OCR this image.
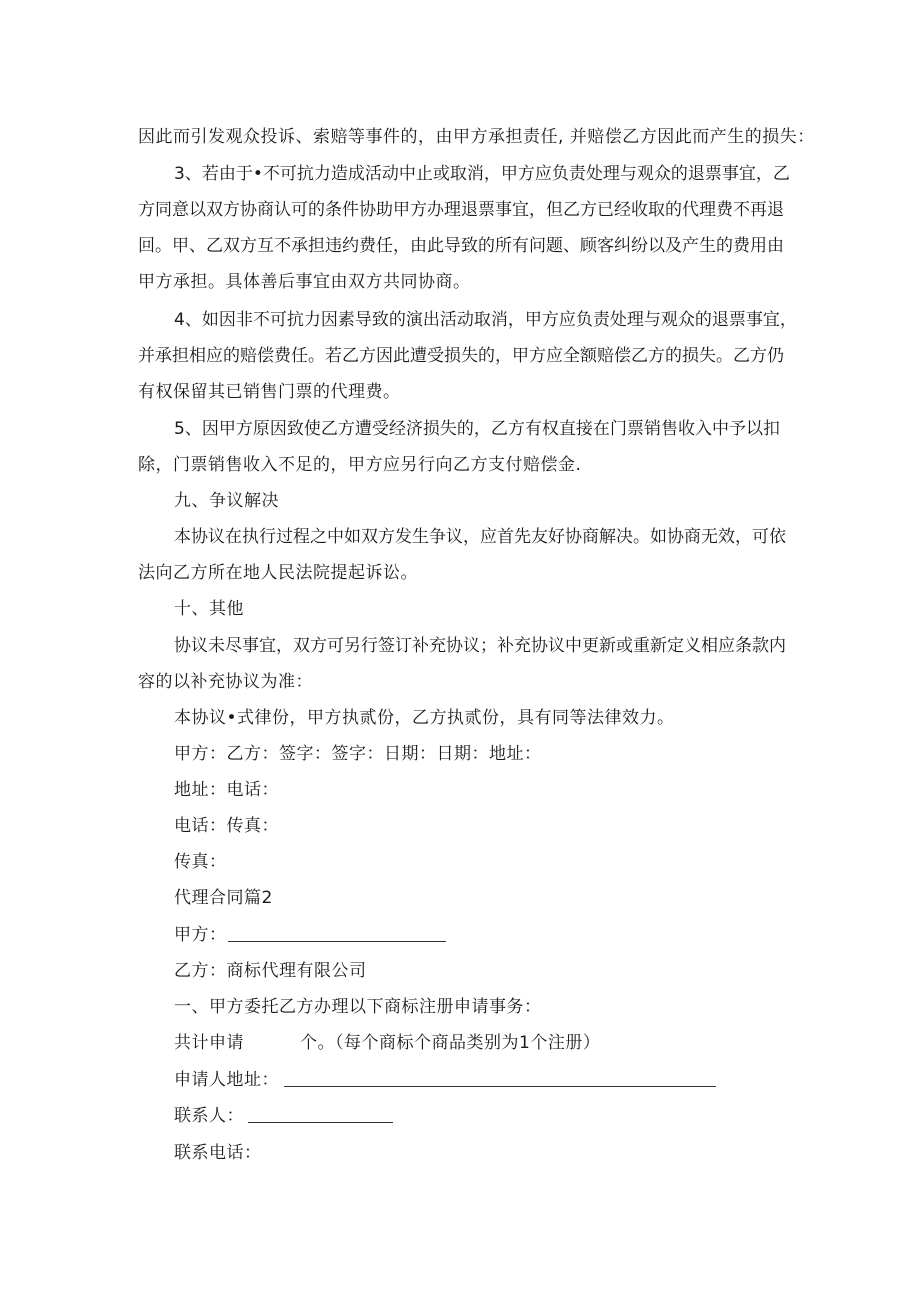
因此而引发观众投诉、索赔等事件的，由甲方承担责任, 并赔偿乙方因此而产生的损失：
3、若由于•不可抗力造成活动中止或取消，甲方应负责处理与观众的退票事宜，乙
方同意以双方协商认可的条件协助甲方办理退票事宜，但乙方已经收取的代理费不再退
回。甲、乙双方互不承担违约费任，由此导致的所有问题、顾客纠纷以及产生的费用由
甲方承担。具体善后事宜由双方共同协商。
4、如因非不可抗力因素导致的演出活动取消，甲方应负责处理与观众的退票事宜，
并承担相应的赔偿费任。若乙方因此遭受损失的，甲方应全额赔偿乙方的损失。乙方仍
有权保留其已销售门票的代理费。
5、因甲方原因致使乙方遭受经济损失的，乙方有权直接在门票销售收入中予以扣
除，门票销售收入不足的，甲方应另行向乙方支付赔偿金.
九、争议解决
本协议在执行过程之中如双方发生争议，应首先友好协商解决。如协商无效，可依
法向乙方所在地人民法院提起诉讼。
十、其他
协议未尽事宜，双方可另行签订补充协议；补充协议中更新或重新定义相应条款内
容的以补充协议为准：
本协议•式律份，甲方执贰份，乙方执贰份，具有同等法律效力。
甲方：乙方：签字：签字：日期：日期：地址：
地址：电话：
电话：传真：
传真：
代理合同篇2
甲方：
乙方：商标代理有限公司
一、甲方委托乙方办理以下商标注册申请事务：
共计申请	个。（每个商标个商品类别为1个注册）
申请人地址：
联系人：
联系电话：
